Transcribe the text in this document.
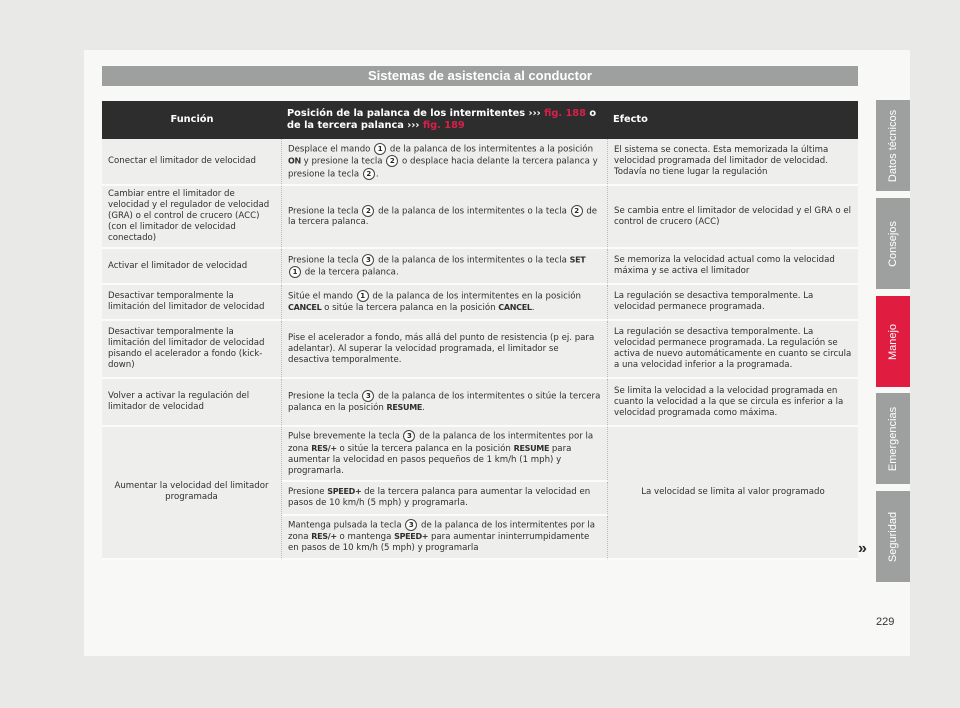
Sistemas de asistencia al conductor
Función	Posición de la palanca de los intermitentes ››› fig. 188 o de la tercera palanca ››› fig. 189	Efecto
Conectar el limitador de velocidad	Desplace el mando 1 de la palanca de los intermitentes a la posición ON y presione la tecla 2 o desplace hacia delante la tercera palanca y presione la tecla 2 .	El sistema se conecta. Esta memorizada la última velocidad programada del limitador de velocidad. Todavía no tiene lugar la regulación
Cambiar entre el limitador de velocidad y el regulador de velocidad (GRA) o el control de crucero (ACC) (con el limitador de velocidad conectado)	Presione la tecla 2 de la palanca de los intermitentes o la tecla 2 de la tercera palanca.	Se cambia entre el limitador de velocidad y el GRA o el control de crucero (ACC)
Activar el limitador de velocidad	Presione la tecla 3 de la palanca de los intermitentes o la tecla SET 1 de la tercera palanca.	Se memoriza la velocidad actual como la velocidad máxima y se activa el limitador
Desactivar temporalmente la limitación del limitador de velocidad	Sitúe el mando 1 de la palanca de los intermitentes en la posición CANCEL o sitúe la tercera palanca en la posición CANCEL.	La regulación se desactiva temporalmente. La velocidad permanece programada.
Desactivar temporalmente la limitación del limitador de velocidad pisando el acelerador a fondo (kick-down)	Pise el acelerador a fondo, más allá del punto de resistencia (p ej. para adelantar). Al superar la velocidad programada, el limitador se desactiva temporalmente.	La regulación se desactiva temporalmente. La velocidad permanece programada. La regulación se activa de nuevo automáticamente en cuanto se circula a una velocidad inferior a la programada.
Volver a activar la regulación del limitador de velocidad	Presione la tecla 3 de la palanca de los intermitentes o sitúe la tercera palanca en la posición RESUME.	Se limita la velocidad a la velocidad programada en cuanto la velocidad a la que se circula es inferior a la velocidad programada como máxima.
Aumentar la velocidad del limitador programada	Pulse brevemente la tecla 3 de la palanca de los intermitentes por la zona RES/+ o sitúe la tercera palanca en la posición RESUME para aumentar la velocidad en pasos pequeños de 1 km/h (1 mph) y programarla.	La velocidad se limita al valor programado
	Presione SPEED+ de la tercera palanca para aumentar la velocidad en pasos de 10 km/h (5 mph) y programarla.	
	Mantenga pulsada la tecla 3 de la palanca de los intermitentes por la zona RES/+ o mantenga SPEED+ para aumentar ininterrumpidamente en pasos de 10 km/h (5 mph) y programarla	
Datos técnicos
Consejos
Manejo
Emergencias
Seguridad
»
229
